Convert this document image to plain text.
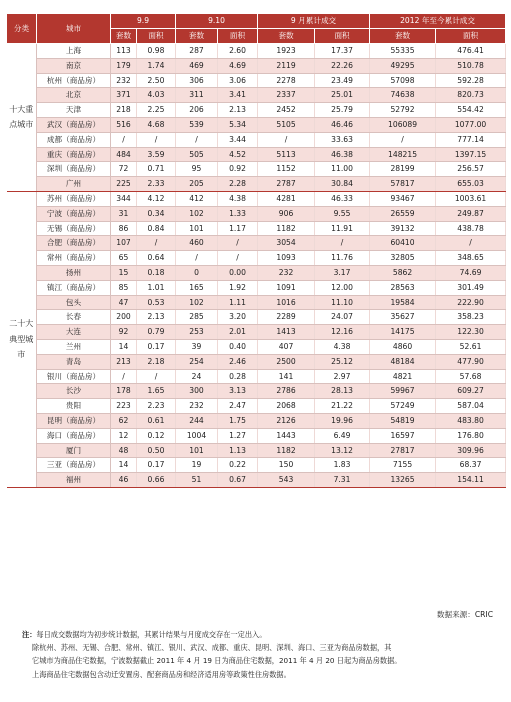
分类	城市	9.9		9.10		9 月累计成交		2012 年至今累计成交	
		套数	面积	套数	面积	套数	面积	套数	面积
十大重点城市	上海	113	0.98	287	2.60	1923	17.37	55335	476.41
	南京	179	1.74	469	4.69	2119	22.26	49295	510.78
	杭州（商品房）	232	2.50	306	3.06	2278	23.49	57098	592.28
	北京	371	4.03	311	3.41	2337	25.01	74638	820.73
	天津	218	2.25	206	2.13	2452	25.79	52792	554.42
	武汉（商品房）	516	4.68	539	5.34	5105	46.46	106089	1077.00
	成都（商品房）	/	/	/	3.44	/	33.63	/	777.14
	重庆（商品房）	484	3.59	505	4.52	5113	46.38	148215	1397.15
	深圳（商品房）	72	0.71	95	0.92	1152	11.00	28199	256.57
	广州	225	2.33	205	2.28	2787	30.84	57817	655.03
二十大典型城市	苏州（商品房）	344	4.12	412	4.38	4281	46.33	93467	1003.61
	宁波（商品房）	31	0.34	102	1.33	906	9.55	26559	249.87
	无锡（商品房）	86	0.84	101	1.17	1182	11.91	39132	438.78
	合肥（商品房）	107	/	460	/	3054	/	60410	/
	常州（商品房）	65	0.64	/	/	1093	11.76	32805	348.65
	扬州	15	0.18	0	0.00	232	3.17	5862	74.69
	镇江（商品房）	85	1.01	165	1.92	1091	12.00	28563	301.49
	包头	47	0.53	102	1.11	1016	11.10	19584	222.90
	长春	200	2.13	285	3.20	2289	24.07	35627	358.23
	大连	92	0.79	253	2.01	1413	12.16	14175	122.30
	兰州	14	0.17	39	0.40	407	4.38	4860	52.61
	青岛	213	2.18	254	2.46	2500	25.12	48184	477.90
	银川（商品房）	/	/	24	0.28	141	2.97	4821	57.68
	长沙	178	1.65	300	3.13	2786	28.13	59967	609.27
	贵阳	223	2.23	232	2.47	2068	21.22	57249	587.04
	昆明（商品房）	62	0.61	244	1.75	2126	19.96	54819	483.80
	海口（商品房）	12	0.12	1004	1.27	1443	6.49	16597	176.80
	厦门	48	0.50	101	1.13	1182	13.12	27817	309.96
	三亚（商品房）	14	0.17	19	0.22	150	1.83	7155	68.37
	福州	46	0.66	51	0.67	543	7.31	13265	154.11
数据来源：CRIC
注：每日成交数据均为初步统计数据，其累计结果与月度成交存在一定出入。
除杭州、苏州、无锡、合肥、常州、镇江、银川、武汉、成都、重庆、昆明、深圳、海口、三亚为商品房数据，其
它城市为商品住宅数据，宁波数据截止 2011 年 4 月 19 日为商品住宅数据，2011 年 4 月 20 日起为商品房数据。
上海商品住宅数据包含动迁安置房、配套商品房和经济适用房等政策性住房数据。
